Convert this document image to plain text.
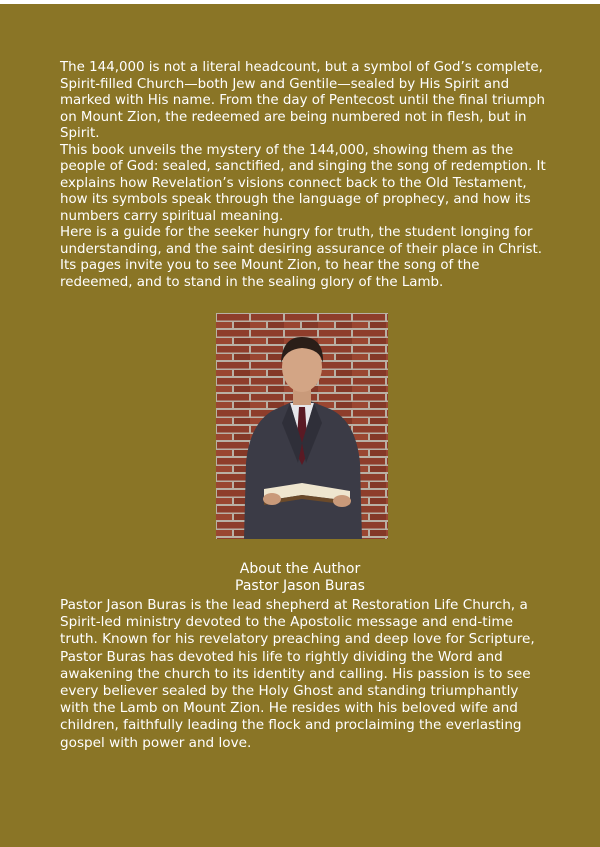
The 144,000 is not a literal headcount, but a symbol of God’s complete, Spirit-filled Church—both Jew and Gentile—sealed by His Spirit and marked with His name. From the day of Pentecost until the final triumph on Mount Zion, the redeemed are being numbered not in flesh, but in Spirit.

This book unveils the mystery of the 144,000, showing them as the people of God: sealed, sanctified, and singing the song of redemption. It explains how Revelation’s visions connect back to the Old Testament, how its symbols speak through the language of prophecy, and how its numbers carry spiritual meaning.

Here is a guide for the seeker hungry for truth, the student longing for understanding, and the saint desiring assurance of their place in Christ. Its pages invite you to see Mount Zion, to hear the song of the redeemed, and to stand in the sealing glory of the Lamb.

About the Author
Pastor Jason Buras

Pastor Jason Buras is the lead shepherd at Restoration Life Church, a Spirit-led ministry devoted to the Apostolic message and end-time truth. Known for his revelatory preaching and deep love for Scripture, Pastor Buras has devoted his life to rightly dividing the Word and awakening the church to its identity and calling. His passion is to see every believer sealed by the Holy Ghost and standing triumphantly with the Lamb on Mount Zion. He resides with his beloved wife and children, faithfully leading the flock and proclaiming the everlasting gospel with power and love.
